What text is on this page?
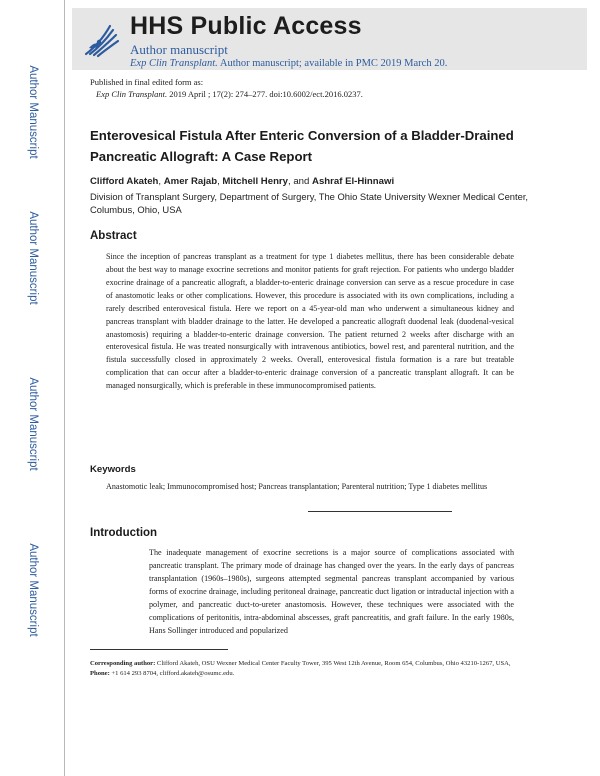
Author Manuscript
Author Manuscript
Author Manuscript
Author Manuscript
HHS Public Access
Author manuscript
Exp Clin Transplant. Author manuscript; available in PMC 2019 March 20.
Published in final edited form as:
Exp Clin Transplant. 2019 April ; 17(2): 274–277. doi:10.6002/ect.2016.0237.
Enterovesical Fistula After Enteric Conversion of a Bladder-Drained Pancreatic Allograft: A Case Report
Clifford Akateh, Amer Rajab, Mitchell Henry, and Ashraf El-Hinnawi
Division of Transplant Surgery, Department of Surgery, The Ohio State University Wexner Medical Center, Columbus, Ohio, USA
Abstract
Since the inception of pancreas transplant as a treatment for type 1 diabetes mellitus, there has been considerable debate about the best way to manage exocrine secretions and monitor patients for graft rejection. For patients who undergo bladder exocrine drainage of a pancreatic allograft, a bladder-to-enteric drainage conversion can serve as a rescue procedure in case of anastomotic leaks or other complications. However, this procedure is associated with its own complications, including a rarely described enterovesical fistula. Here we report on a 45-year-old man who underwent a simultaneous kidney and pancreas transplant with bladder drainage to the latter. He developed a pancreatic allograft duodenal leak (duodenal-vesical anastomosis) requiring a bladder-to-enteric drainage conversion. The patient returned 2 weeks after discharge with an enterovesical fistula. He was treated nonsurgically with intravenous antibiotics, bowel rest, and parenteral nutrition, and the fistula successfully closed in approximately 2 weeks. Overall, enterovesical fistula formation is a rare but treatable complication that can occur after a bladder-to-enteric drainage conversion of a pancreatic transplant allograft. It can be managed nonsurgically, which is preferable in these immunocompromised patients.
Keywords
Anastomotic leak; Immunocompromised host; Pancreas transplantation; Parenteral nutrition; Type 1 diabetes mellitus
Introduction
The inadequate management of exocrine secretions is a major source of complications associated with pancreatic transplant. The primary mode of drainage has changed over the years. In the early days of pancreas transplantation (1960s–1980s), surgeons attempted segmental pancreas transplant accompanied by various forms of exocrine drainage, including peritoneal drainage, pancreatic duct ligation or intraductal injection with a polymer, and pancreatic duct-to-ureter anastomosis. However, these techniques were associated with the complications of peritonitis, intra-abdominal abscesses, graft pancreatitis, and graft failure. In the early 1980s, Hans Sollinger introduced and popularized
Corresponding author: Clifford Akateh, OSU Wexner Medical Center Faculty Tower, 395 West 12th Avenue, Room 654, Columbus, Ohio 43210-1267, USA, Phone: +1 614 293 8704, clifford.akateh@osumc.edu.
